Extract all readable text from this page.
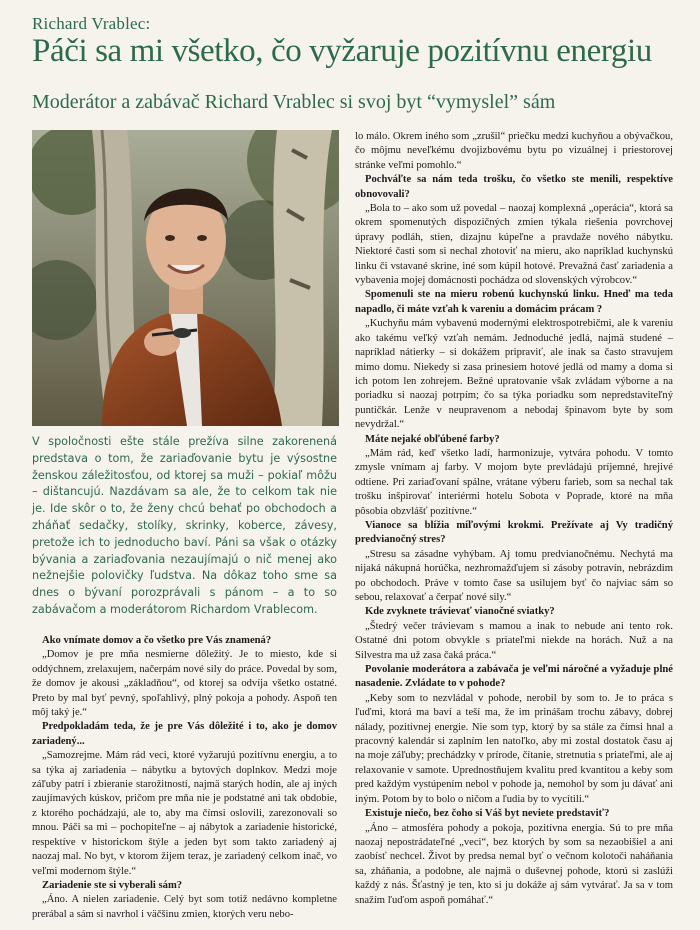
Richard Vrablec:
Páči sa mi všetko, čo vyžaruje pozitívnu energiu
Moderátor a zabávač Richard Vrablec si svoj byt “vymyslel” sám
V spoločnosti ešte stále prežíva silne zakorenená predstava o tom, že zariaďovanie bytu je výsostne ženskou záležitosťou, od ktorej sa muži – pokiaľ môžu – dištancujú. Nazdávam sa ale, že to celkom tak nie je. Ide skôr o to, že ženy chcú behať po obchodoch a zháňať sedačky, stolíky, skrinky, koberce, závesy, pretože ich to jednoducho baví. Páni sa však o otázky bývania a zariaďovania nezaujímajú o nič menej ako nežnejšie polovičky ľudstva. Na dôkaz toho sme sa dnes o bývaní porozprávali s pánom – a to so zabávačom a moderátorom Richardom Vrablecom.

Ako vnímate domov a čo všetko pre Vás znamená?

„Domov je pre mňa nesmierne dôležitý. Je to miesto, kde si oddýchnem, zrelaxujem, načerpám nové sily do práce. Povedal by som, že domov je akousi „základňou“, od ktorej sa odvíja všetko ostatné. Preto by mal byť pevný, spoľahlivý, plný pokoja a pohody. Aspoň ten môj taký je.“

Predpokladám teda, že je pre Vás dôležité i to, ako je domov zariadený...

„Samozrejme. Mám rád veci, ktoré vyžarujú pozitívnu energiu, a to sa týka aj zariadenia – nábytku a bytových doplnkov. Medzi moje záľuby patrí i zbieranie starožitností, najmä starých hodín, ale aj iných zaujímavých kúskov, pričom pre mňa nie je podstatné ani tak obdobie, z ktorého pochádzajú, ale to, aby ma čímsi oslovili, zarezonovali so mnou. Páči sa mi – pochopiteľne – aj nábytok a zariadenie historické, respektíve v historickom štýle a jeden byt som takto zariadený aj naozaj mal. No byt, v ktorom žijem teraz, je zariadený celkom inač, vo veľmi modernom štýle.“

Zariadenie ste si vyberali sám?

„Áno. A nielen zariadenie. Celý byt som totiž nedávno kompletne prerábal a sám si navrhol i väčšinu zmien, ktorých veru nebo-

lo málo. Okrem iného som „zrušil“ priečku medzi kuchyňou a obývačkou, čo môjmu neveľkému dvojizbovému bytu po vizuálnej i priestorovej stránke veľmi pomohlo.“

Pochváľte sa nám teda trošku, čo všetko ste menili, respektíve obnovovali?

„Bola to – ako som už povedal – naozaj komplexná „operácia“, ktorá sa okrem spomenutých dispozičných zmien týkala riešenia povrchovej úpravy podláh, stien, dizajnu kúpeľne a pravdaže nového nábytku. Niektoré časti som si nechal zhotoviť na mieru, ako napríklad kuchynskú linku či vstavané skrine, iné som kúpil hotové. Prevažná časť zariadenia a vybavenia mojej domácnosti pochádza od slovenských výrobcov.“

Spomenuli ste na mieru robenú kuchynskú linku. Hneď ma teda napadlo, či máte vzťah k vareniu a domácim prácam ?

„Kuchyňu mám vybavenú modernými elektrospotrebičmi, ale k vareniu ako takému veľký vzťah nemám. Jednoduché jedlá, najmä studené – napríklad nátierky – si dokážem pripraviť, ale inak sa často stravujem mimo domu. Niekedy si zasa prinesiem hotové jedlá od mamy a doma si ich potom len zohrejem. Bežné upratovanie však zvládam výborne a na poriadku si naozaj potrpím; čo sa týka poriadku som nepredstaviteľný puntičkár. Lenže v neupravenom a nebodaj špinavom byte by som nevydržal.“

Máte nejaké obľúbené farby?

„Mám rád, keď všetko ladí, harmonizuje, vytvára pohodu. V tomto zmysle vnímam aj farby. V mojom byte prevládajú príjemné, hrejivé odtiene. Pri zariaďovaní spálne, vrátane výberu farieb, som sa nechal tak trošku inšpirovať interiérmi hotelu Sobota v Poprade, ktoré na mňa pôsobia obzvlášť pozitívne.“

Vianoce sa blížia míľovými krokmi. Prežívate aj Vy tradičný predvianočný stres?

„Stresu sa zásadne vyhýbam. Aj tomu predvianočnému. Nechytá ma nijaká nákupná horúčka, nezhromažďujem si zásoby potravín, nebrázdim po obchodoch. Práve v tomto čase sa usilujem byť čo najviac sám so sebou, relaxovať a čerpať nové sily.“

Kde zvyknete trávievať vianočné sviatky?

„Štedrý večer trávievam s mamou a inak to nebude ani tento rok. Ostatné dni potom obvykle s priateľmi niekde na horách. Nuž a na Silvestra ma už zasa čaká práca.“

Povolanie moderátora a zabávača je veľmi náročné a vyžaduje plné nasadenie. Zvládate to v pohode?

„Keby som to nezvládal v pohode, nerobil by som to. Je to práca s ľuďmi, ktorá ma baví a teší ma, že im prinášam trochu zábavy, dobrej nálady, pozitívnej energie. Nie som typ, ktorý by sa stále za čímsi hnal a pracovný kalendár si zaplním len natoľko, aby mi zostal dostatok času aj na moje záľuby; prechádzky v prírode, čítanie, stretnutia s priateľmi, ale aj relaxovanie v samote. Uprednostňujem kvalitu pred kvantitou a keby som pred každým vystúpením nebol v pohode ja, nemohol by som ju dávať ani iným. Potom by to bolo o ničom a ľudia by to vycítili.“

Existuje niečo, bez čoho si Váš byt neviete predstaviť?

„Áno – atmosféra pohody a pokoja, pozitívna energia. Sú to pre mňa naozaj nepostrádateľné „veci“, bez ktorých by som sa nezaobišiel a ani zaobísť nechcel. Život by predsa nemal byť o večnom kolotoči naháňania sa, zháňania, a podobne, ale najmä o duševnej pohode, ktorú si zaslúži každý z nás. Šťastný je ten, kto si ju dokáže aj sám vytvárať. Ja sa v tom snažím ľuďom aspoň pomáhať.“
